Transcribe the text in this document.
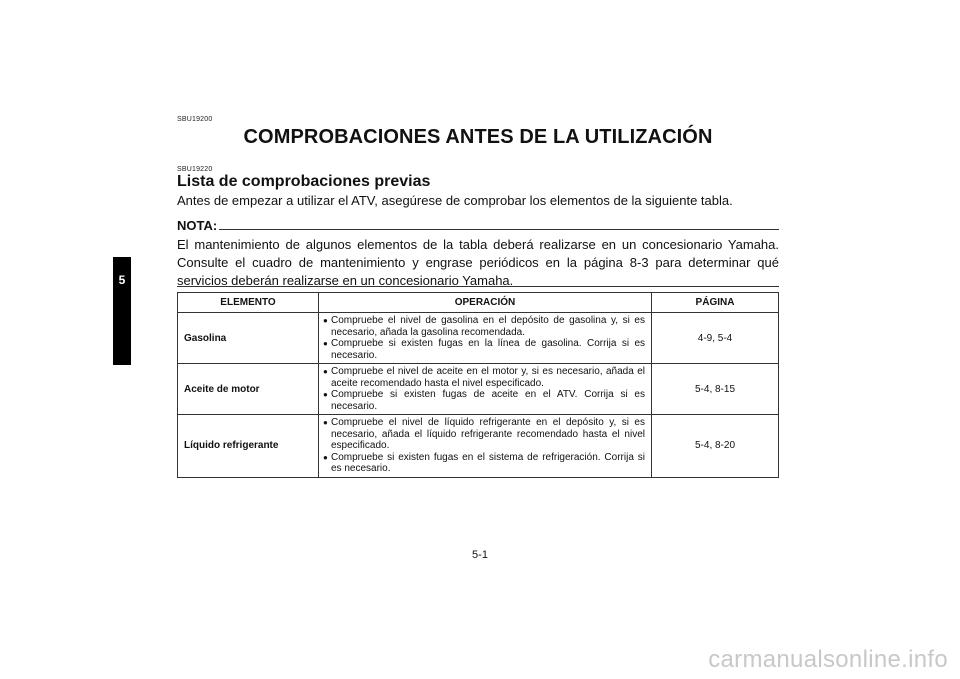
5
SBU19200
COMPROBACIONES ANTES DE LA UTILIZACIÓN
SBU19220
Lista de comprobaciones previas
Antes de empezar a utilizar el ATV, asegúrese de comprobar los elementos de la siguiente tabla.
NOTA:
El mantenimiento de algunos elementos de la tabla deberá realizarse en un concesionario Yamaha. Consulte el cuadro de mantenimiento y engrase periódicos en la página 8-3 para determinar qué servicios deberán realizarse en un concesionario Yamaha.
ELEMENTO	OPERACIÓN	PÁGINA
Gasolina	● Compruebe el nivel de gasolina en el depósito de gasolina y, si es necesario, añada la gasolina recomendada.
● Compruebe si existen fugas en la línea de gasolina. Corrija si es necesario.	4-9, 5-4
Aceite de motor	● Compruebe el nivel de aceite en el motor y, si es necesario, añada el aceite recomendado hasta el nivel especificado.
● Compruebe si existen fugas de aceite en el ATV. Corrija si es necesario.	5-4, 8-15
Líquido refrigerante	● Compruebe el nivel de líquido refrigerante en el depósito y, si es necesario, añada el líquido refrigerante recomendado hasta el nivel especificado.
● Compruebe si existen fugas en el sistema de refrigeración. Corrija si es necesario.	5-4, 8-20
5-1
carmanualsonline.info
